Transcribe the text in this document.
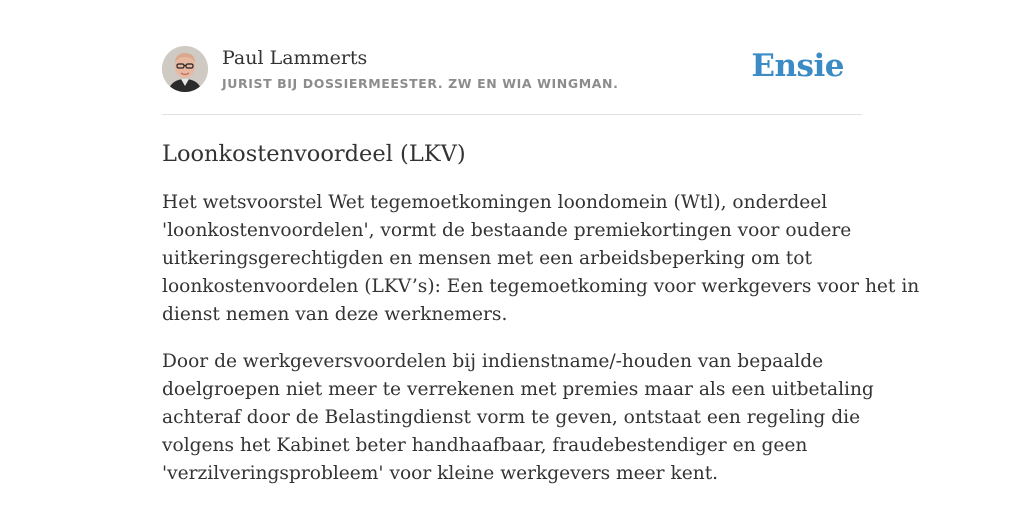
Paul Lammerts
JURIST BIJ DOSSIERMEESTER. ZW EN WIA WINGMAN.	Ensie
Loonkostenvoordeel (LKV)

Het wetsvoorstel Wet tegemoetkomingen loondomein (Wtl), onderdeel
'loonkostenvoordelen', vormt de bestaande premiekortingen voor oudere
uitkeringsgerechtigden en mensen met een arbeidsbeperking om tot
loonkostenvoordelen (LKV’s): Een tegemoetkoming voor werkgevers voor het in
dienst nemen van deze werknemers.

Door de werkgeversvoordelen bij indienstname/-houden van bepaalde
doelgroepen niet meer te verrekenen met premies maar als een uitbetaling
achteraf door de Belastingdienst vorm te geven, ontstaat een regeling die
volgens het Kabinet beter handhaafbaar, fraudebestendiger en geen
'verzilveringsprobleem' voor kleine werkgevers meer kent.
